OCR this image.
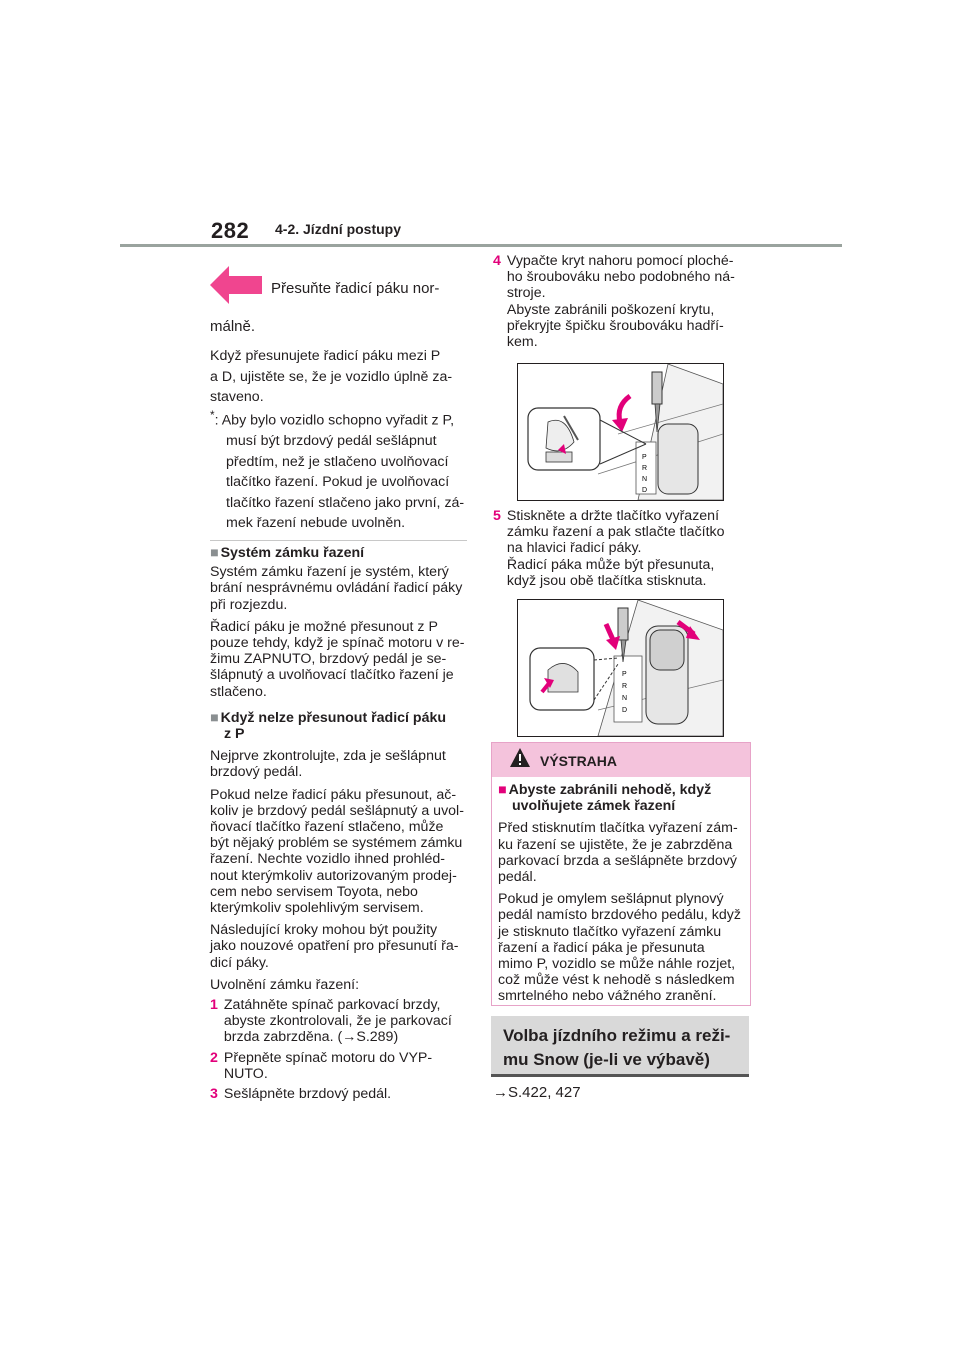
282 4-2. Jízdní postupy
Přesuňte řadicí páku nor-
málně.
Když přesunujete řadicí páku mezi P
a D, ujistěte se, že je vozidlo úplně za-
staveno.
*: Aby bylo vozidlo schopno vyřadit z P,
musí být brzdový pedál sešlápnut
předtím, než je stlačeno uvolňovací
tlačítko řazení. Pokud je uvolňovací
tlačítko řazení stlačeno jako první, zá-
mek řazení nebude uvolněn.
■ Systém zámku řazení
Systém zámku řazení je systém, který
brání nesprávnému ovládání řadicí páky
při rozjezdu.
Řadicí páku je možné přesunout z P
pouze tehdy, když je spínač motoru v re-
žimu ZAPNUTO, brzdový pedál je se-
šlápnutý a uvolňovací tlačítko řazení je
stlačeno.
■ Když nelze přesunout řadicí páku
z P
Nejprve zkontrolujte, zda je sešlápnut
brzdový pedál.
Pokud nelze řadicí páku přesunout, ač-
koliv je brzdový pedál sešlápnutý a uvol-
ňovací tlačítko řazení stlačeno, může
být nějaký problém se systémem zámku
řazení. Nechte vozidlo ihned prohléd-
nout kterýmkoliv autorizovaným prodej-
cem nebo servisem Toyota, nebo
kterýmkoliv spolehlivým servisem.
Následující kroky mohou být použity
jako nouzové opatření pro přesunutí řa-
dicí páky.
Uvolnění zámku řazení:
1 Zatáhněte spínač parkovací brzdy,
abyste zkontrolovali, že je parkovací
brzda zabrzděna. (→S.289)
2 Přepněte spínač motoru do VYP-
NUTO.
3 Sešlápněte brzdový pedál.
4 Vypačte kryt nahoru pomocí ploché-
ho šroubováku nebo podobného ná-
stroje.
Abyste zabránili poškození krytu,
překryjte špičku šroubováku hadří-
kem.
P
R
N
D
5 Stiskněte a držte tlačítko vyřazení
zámku řazení a pak stlačte tlačítko
na hlavici řadicí páky.
Řadicí páka může být přesunuta,
když jsou obě tlačítka stisknuta.
P
R
N
D
VÝSTRAHA
■ Abyste zabránili nehodě, když
uvolňujete zámek řazení
Před stisknutím tlačítka vyřazení zám-
ku řazení se ujistěte, že je zabrzděna
parkovací brzda a sešlápněte brzdový
pedál.
Pokud je omylem sešlápnut plynový
pedál namísto brzdového pedálu, když
je stisknuto tlačítko vyřazení zámku
řazení a řadicí páka je přesunuta
mimo P, vozidlo se může náhle rozjet,
což může vést k nehodě s následkem
smrtelného nebo vážného zranění.
Volba jízdního režimu a reži-
mu Snow (je-li ve výbavě)
→S.422, 427
